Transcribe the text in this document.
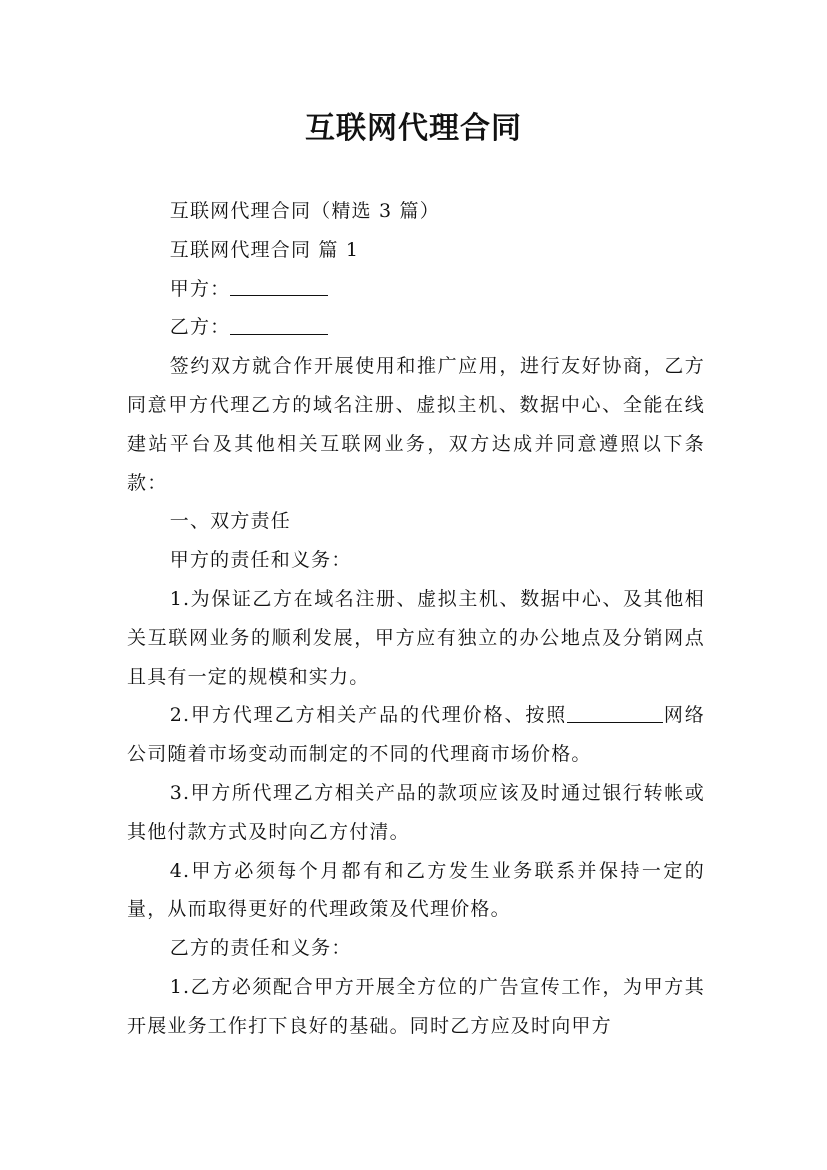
互联网代理合同

互联网代理合同（精选 3 篇）

互联网代理合同 篇 1

甲方：

乙方：

签约双方就合作开展使用和推广应用，进行友好协商，乙方同意甲方代理乙方的域名注册、虚拟主机、数据中心、全能在线建站平台及其他相关互联网业务，双方达成并同意遵照以下条款：

一、双方责任

甲方的责任和义务：

1.为保证乙方在域名注册、虚拟主机、数据中心、及其他相关互联网业务的顺利发展，甲方应有独立的办公地点及分销网点且具有一定的规模和实力。

2.甲方代理乙方相关产品的代理价格、按照	网络公司随着市场变动而制定的不同的代理商市场价格。

3.甲方所代理乙方相关产品的款项应该及时通过银行转帐或其他付款方式及时向乙方付清。

4.甲方必须每个月都有和乙方发生业务联系并保持一定的量，从而取得更好的代理政策及代理价格。

乙方的责任和义务：

1.乙方必须配合甲方开展全方位的广告宣传工作，为甲方其开展业务工作打下良好的基础。同时乙方应及时向甲方
